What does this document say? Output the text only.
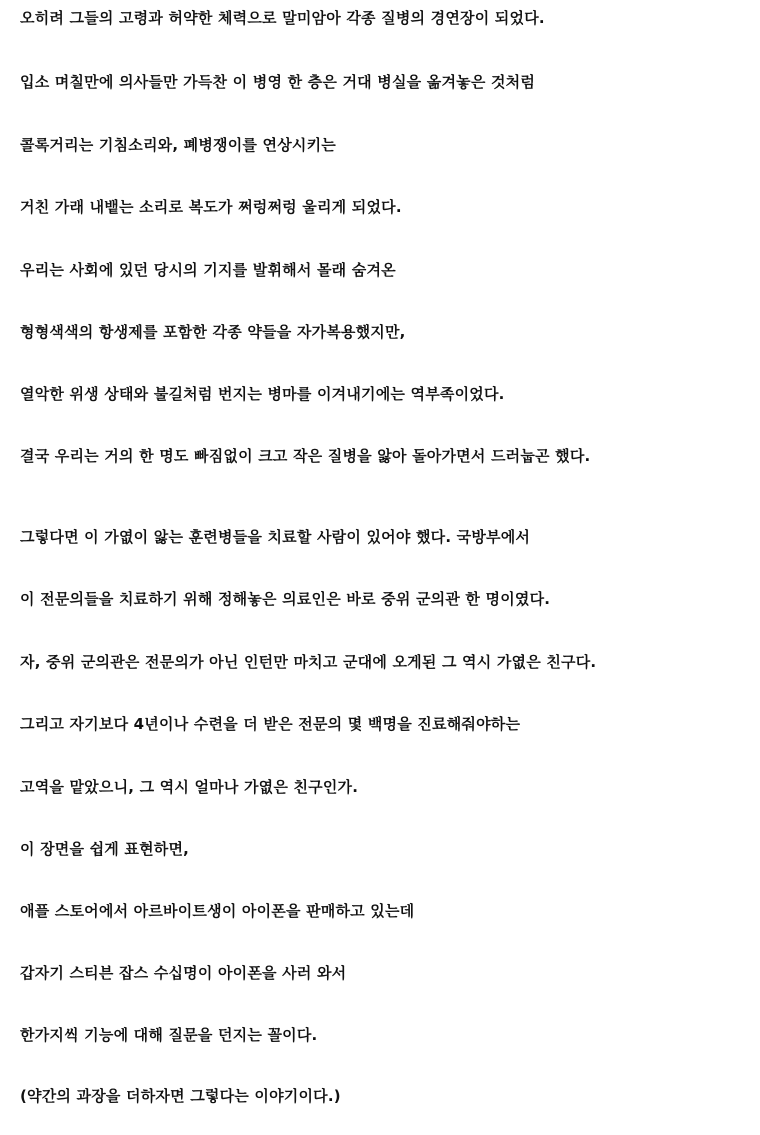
오히려 그들의 고령과 허약한 체력으로 말미암아 각종 질병의 경연장이 되었다.
입소 며칠만에 의사들만 가득찬 이 병영 한 층은 거대 병실을 옮겨놓은 것처럼
콜록거리는 기침소리와, 폐병쟁이를 연상시키는
거친 가래 내뱉는 소리로 복도가 쩌렁쩌렁 울리게 되었다.
우리는 사회에 있던 당시의 기지를 발휘해서 몰래 숨겨온
형형색색의 항생제를 포함한 각종 약들을 자가복용했지만,
열악한 위생 상태와 불길처럼 번지는 병마를 이겨내기에는 역부족이었다.
결국 우리는 거의 한 명도 빠짐없이 크고 작은 질병을 앓아 돌아가면서 드러눕곤 했다.
그렇다면 이 가엾이 앓는 훈련병들을 치료할 사람이 있어야 했다. 국방부에서
이 전문의들을 치료하기 위해 정해놓은 의료인은 바로 중위 군의관 한 명이였다.
자, 중위 군의관은 전문의가 아닌 인턴만 마치고 군대에 오게된 그 역시 가엾은 친구다.
그리고 자기보다 4년이나 수련을 더 받은 전문의 몇 백명을 진료해줘야하는
고역을 맡았으니, 그 역시 얼마나 가엾은 친구인가.
이 장면을 쉽게 표현하면,
애플 스토어에서 아르바이트생이 아이폰을 판매하고 있는데
갑자기 스티븐 잡스 수십명이 아이폰을 사러 와서
한가지씩 기능에 대해 질문을 던지는 꼴이다.
(약간의 과장을 더하자면 그렇다는 이야기이다.)
